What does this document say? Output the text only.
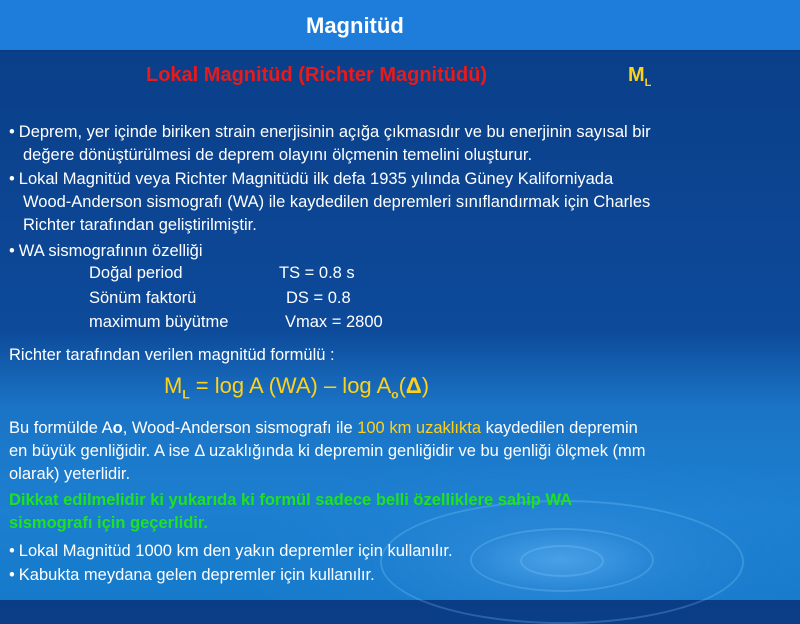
Magnitüd
Lokal Magnitüd (Richter Magnitüdü)	$M_L$
• Deprem, yer içinde biriken strain enerjisinin açığa çıkmasıdır ve bu enerjinin sayısal bir
değere dönüştürülmesi de deprem olayını ölçmenin temelini oluşturur.
• Lokal Magnitüd veya Richter Magnitüdü ilk defa 1935 yılında Güney Kaliforniyada
Wood-Anderson sismografı (WA) ile kaydedilen depremleri sınıflandırmak için Charles
Richter tarafından geliştirilmiştir.
• WA sismografının özelliği
Doğal period	TS = 0.8 s
Sönüm faktorü	DS = 0.8
maximum büyütme	Vmax = 2800
Richter tarafından verilen magnitüd formülü :
$M_L = \log A$ $(WA) - \log A_o(\Delta)$
Bu formülde Ao, Wood-Anderson sismografı ile 100 km uzaklıkta kaydedilen depremin
en büyük genliğidir. A ise Δ uzaklığında ki depremin genliğidir ve bu genliği ölçmek (mm
olarak) yeterlidir.
Dikkat edilmelidir ki yukarıda ki formül sadece belli özelliklere sahip WA
sismografı için geçerlidir.
• Lokal Magnitüd 1000 km den yakın depremler için kullanılır.
• Kabukta meydana gelen depremler için kullanılır.
